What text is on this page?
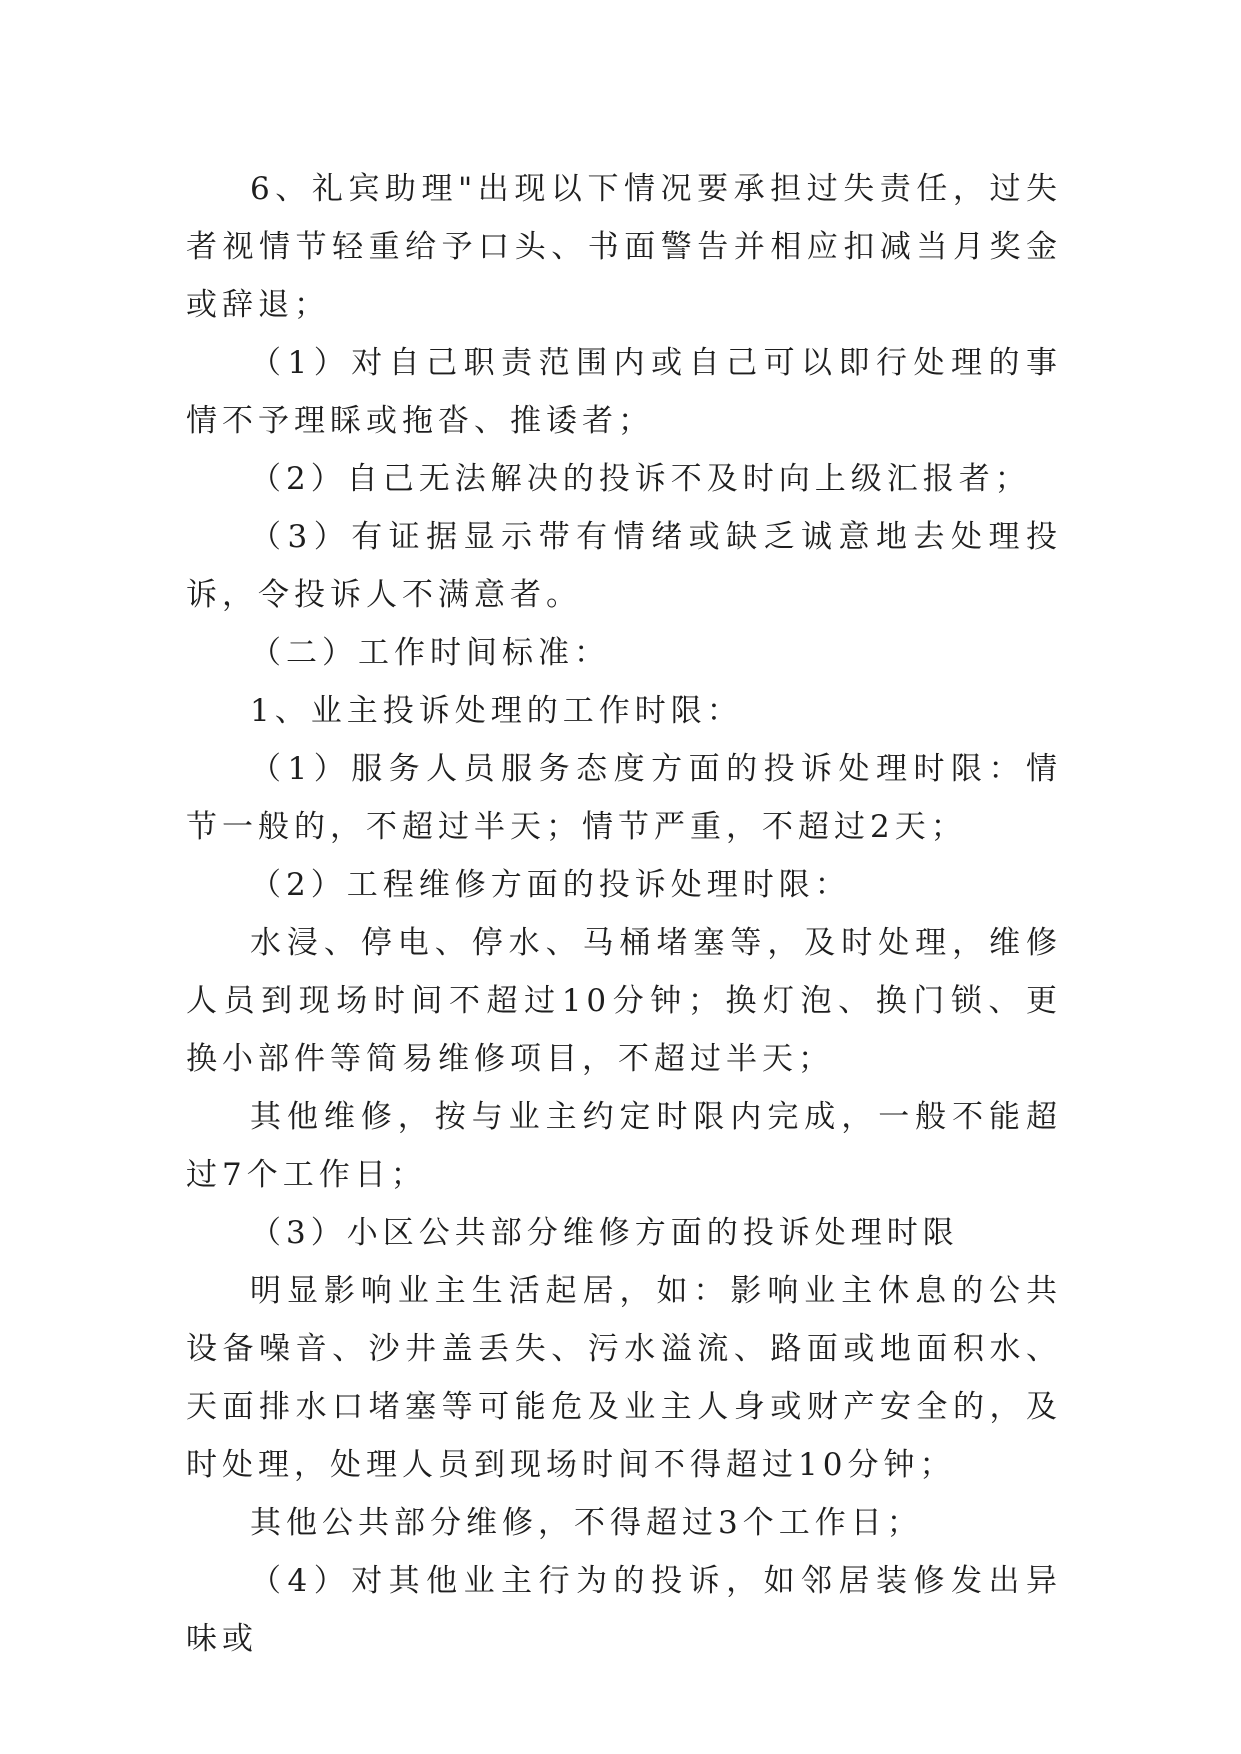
6、礼宾助理"出现以下情况要承担过失责任，过失者视情节轻重给予口头、书面警告并相应扣减当月奖金或辞退；

（1）对自己职责范围内或自己可以即行处理的事情不予理睬或拖沓、推诿者；

（2）自己无法解决的投诉不及时向上级汇报者；

（3）有证据显示带有情绪或缺乏诚意地去处理投诉，令投诉人不满意者。

（二）工作时间标准：

1、业主投诉处理的工作时限：

（1）服务人员服务态度方面的投诉处理时限：情节一般的，不超过半天；情节严重，不超过2天；

（2）工程维修方面的投诉处理时限：

水浸、停电、停水、马桶堵塞等，及时处理，维修人员到现场时间不超过10分钟；换灯泡、换门锁、更换小部件等简易维修项目，不超过半天；

其他维修，按与业主约定时限内完成，一般不能超过7个工作日；

（3）小区公共部分维修方面的投诉处理时限

明显影响业主生活起居，如：影响业主休息的公共设备噪音、沙井盖丢失、污水溢流、路面或地面积水、天面排水口堵塞等可能危及业主人身或财产安全的，及时处理，处理人员到现场时间不得超过10分钟；

其他公共部分维修，不得超过3个工作日；

（4）对其他业主行为的投诉，如邻居装修发出异味或
